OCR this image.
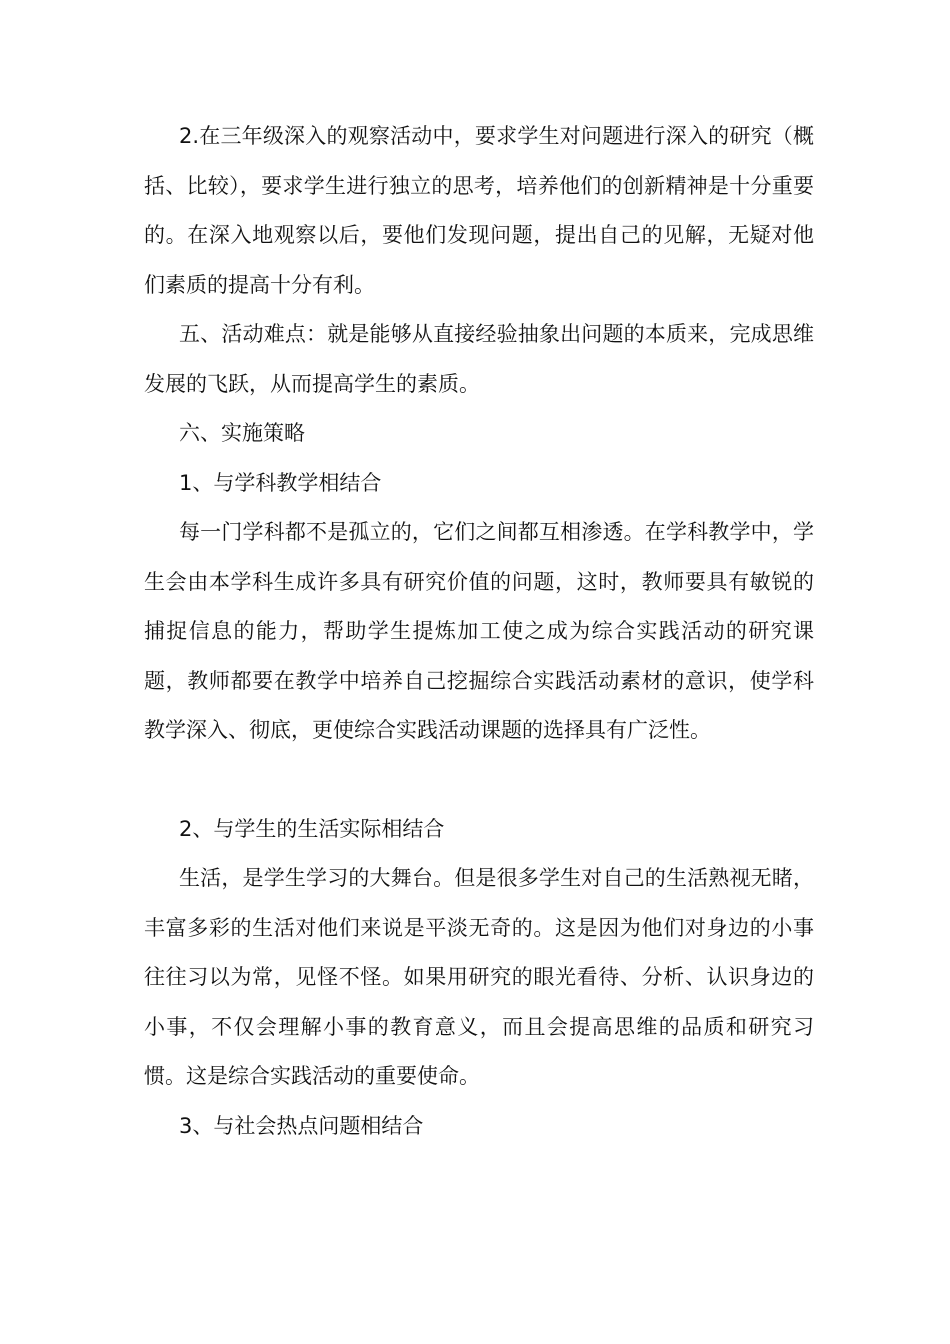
2.在三年级深入的观察活动中，要求学生对问题进行深入的研究（概括、比较），要求学生进行独立的思考，培养他们的创新精神是十分重要的。在深入地观察以后，要他们发现问题，提出自己的见解，无疑对他们素质的提高十分有利。

五、活动难点：就是能够从直接经验抽象出问题的本质来，完成思维发展的飞跃，从而提高学生的素质。

六、实施策略

1、与学科教学相结合

每一门学科都不是孤立的，它们之间都互相渗透。在学科教学中，学生会由本学科生成许多具有研究价值的问题，这时，教师要具有敏锐的捕捉信息的能力，帮助学生提炼加工使之成为综合实践活动的研究课题，教师都要在教学中培养自己挖掘综合实践活动素材的意识，使学科教学深入、彻底，更使综合实践活动课题的选择具有广泛性。

2、与学生的生活实际相结合

生活，是学生学习的大舞台。但是很多学生对自己的生活熟视无睹，丰富多彩的生活对他们来说是平淡无奇的。这是因为他们对身边的小事往往习以为常，见怪不怪。如果用研究的眼光看待、分析、认识身边的小事，不仅会理解小事的教育意义，而且会提高思维的品质和研究习惯。这是综合实践活动的重要使命。

3、与社会热点问题相结合
